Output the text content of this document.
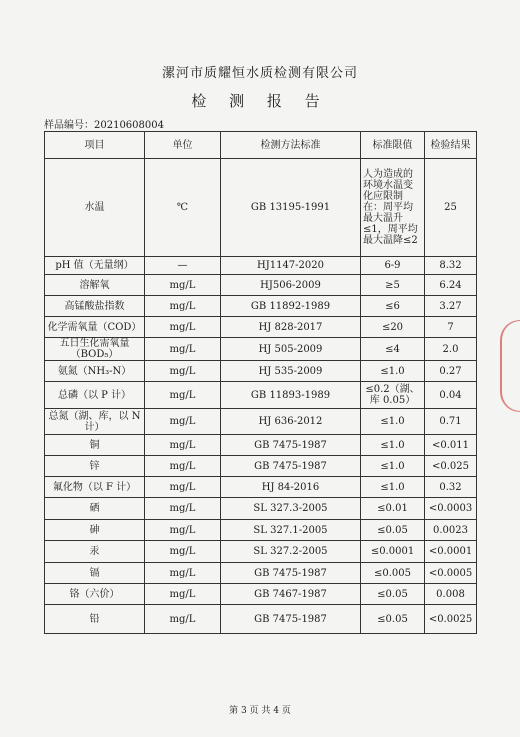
漯河市质耀恒水质检测有限公司
检 测 报 告
样品编号：20210608004
项目	单位	检测方法标准	标准限值	检验结果
水温	℃	GB 13195-1991	人为造成的环境水温变化应限制在：周平均最大温升≤1，周平均最大温降≤2	25
pH 值（无量纲）	—	HJ1147-2020	6-9	8.32
溶解氧	mg/L	HJ506-2009	≥5	6.24
高锰酸盐指数	mg/L	GB 11892-1989	≤6	3.27
化学需氧量（COD）	mg/L	HJ 828-2017	≤20	7
五日生化需氧量（BOD₅）	mg/L	HJ 505-2009	≤4	2.0
氨氮（NH₃-N）	mg/L	HJ 535-2009	≤1.0	0.27
总磷（以 P 计）	mg/L	GB 11893-1989	≤0.2（湖、库 0.05）	0.04
总氮（湖、库，以 N 计）	mg/L	HJ 636-2012	≤1.0	0.71
铜	mg/L	GB 7475-1987	≤1.0	<0.011
锌	mg/L	GB 7475-1987	≤1.0	<0.025
氟化物（以 F 计）	mg/L	HJ 84-2016	≤1.0	0.32
硒	mg/L	SL 327.3-2005	≤0.01	<0.0003
砷	mg/L	SL 327.1-2005	≤0.05	0.0023
汞	mg/L	SL 327.2-2005	≤0.0001	<0.0001
镉	mg/L	GB 7475-1987	≤0.005	<0.0005
铬（六价）	mg/L	GB 7467-1987	≤0.05	0.008
铅	mg/L	GB 7475-1987	≤0.05	<0.0025
第 3 页 共 4 页
